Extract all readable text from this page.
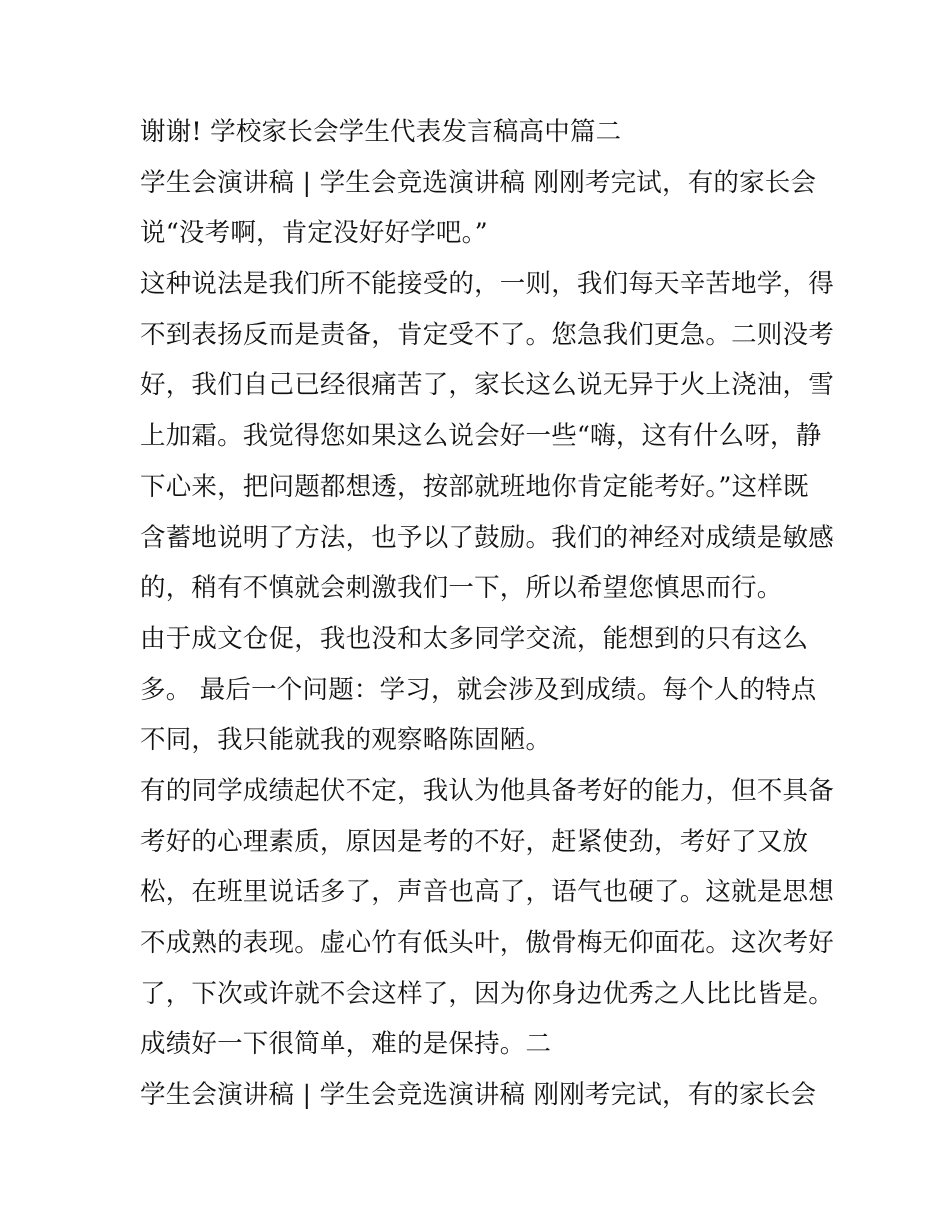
谢谢! 学校家长会学生代表发言稿高中篇二
学生会演讲稿 | 学生会竞选演讲稿 刚刚考完试，有的家长会
说“没考啊，肯定没好好学吧。”
这种说法是我们所不能接受的，一则，我们每天辛苦地学，得
不到表扬反而是责备，肯定受不了。您急我们更急。二则没考
好，我们自己已经很痛苦了，家长这么说无异于火上浇油，雪
上加霜。我觉得您如果这么说会好一些“嗨，这有什么呀，静
下心来，把问题都想透，按部就班地你肯定能考好。”这样既
含蓄地说明了方法，也予以了鼓励。我们的神经对成绩是敏感
的，稍有不慎就会刺激我们一下，所以希望您慎思而行。
由于成文仓促，我也没和太多同学交流，能想到的只有这么
多。 最后一个问题：学习，就会涉及到成绩。每个人的特点
不同，我只能就我的观察略陈固陋。
有的同学成绩起伏不定，我认为他具备考好的能力，但不具备
考好的心理素质，原因是考的不好，赶紧使劲，考好了又放
松，在班里说话多了，声音也高了，语气也硬了。这就是思想
不成熟的表现。虚心竹有低头叶，傲骨梅无仰面花。这次考好
了，下次或许就不会这样了，因为你身边优秀之人比比皆是。
成绩好一下很简单，难的是保持。二
学生会演讲稿 | 学生会竞选演讲稿 刚刚考完试，有的家长会
